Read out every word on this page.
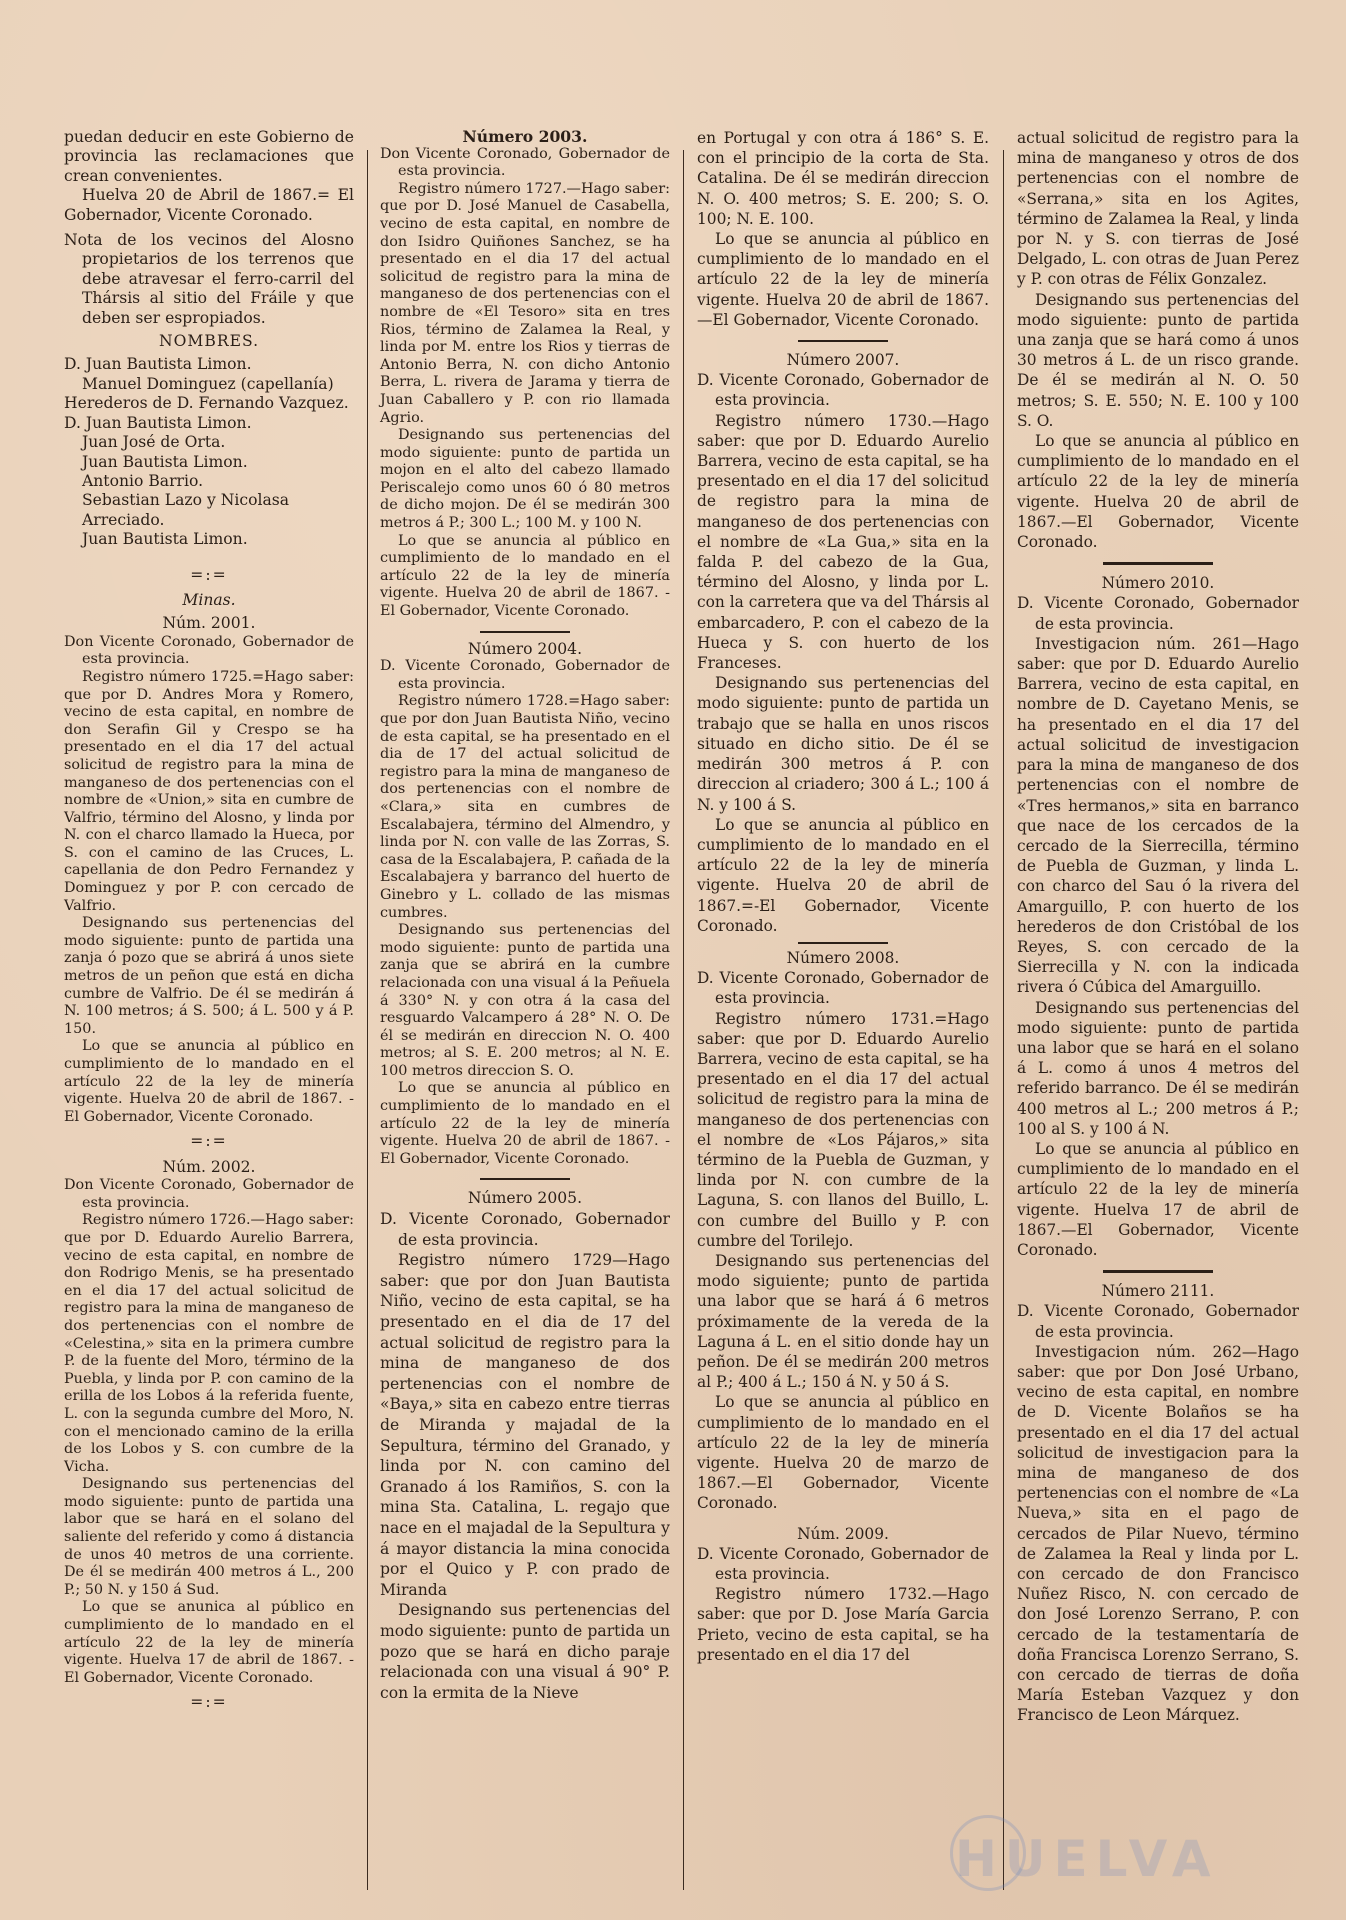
puedan deducir en este Gobierno de provincia las reclamaciones que crean convenientes.

Huelva 20 de Abril de 1867.= El Gobernador, Vicente Coronado.

Nota de los vecinos del Alosno propietarios de los terrenos que debe atravesar el ferro-carril del Thársis al sitio del Fráile y que deben ser espropiados.

NOMBRES.

D. Juan Bautista Limon.

Manuel Dominguez (capellanía)

Herederos de D. Fernando Vazquez.

D. Juan Bautista Limon.

Juan José de Orta.

Juan Bautista Limon.

Antonio Barrio.

Sebastian Lazo y Nicolasa Arreciado.

Juan Bautista Limon.

=:=

Minas.

Núm. 2001.

Don Vicente Coronado, Gobernador de esta provincia.

Registro número 1725.=Hago saber: que por D. Andres Mora y Romero, vecino de esta capital, en nombre de don Serafin Gil y Crespo se ha presentado en el dia 17 del actual solicitud de registro para la mina de manganeso de dos pertenencias con el nombre de «Union,» sita en cumbre de Valfrio, término del Alosno, y linda por N. con el charco llamado la Hueca, por S. con el camino de las Cruces, L. capellania de don Pedro Fernandez y Dominguez y por P. con cercado de Valfrio.

Designando sus pertenencias del modo siguiente: punto de partida una zanja ó pozo que se abrirá á unos siete metros de un peñon que está en dicha cumbre de Valfrio. De él se medirán á N. 100 metros; á S. 500; á L. 500 y á P. 150.

Lo que se anuncia al público en cumplimiento de lo mandado en el artículo 22 de la ley de minería vigente. Huelva 20 de abril de 1867. -El Gobernador, Vicente Coronado.

=:=

Núm. 2002.

Don Vicente Coronado, Gobernador de esta provincia.

Registro número 1726.—Hago saber: que por D. Eduardo Aurelio Barrera, vecino de esta capital, en nombre de don Rodrigo Menis, se ha presentado en el dia 17 del actual solicitud de registro para la mina de manganeso de dos pertenencias con el nombre de «Celestina,» sita en la primera cumbre P. de la fuente del Moro, término de la Puebla, y linda por P. con camino de la erilla de los Lobos á la referida fuente, L. con la segunda cumbre del Moro, N. con el mencionado camino de la erilla de los Lobos y S. con cumbre de la Vicha.

Designando sus pertenencias del modo siguiente: punto de partida una labor que se hará en el solano del saliente del referido y como á distancia de unos 40 metros de una corriente. De él se medirán 400 metros á L., 200 P.; 50 N. y 150 á Sud.

Lo que se anunica al público en cumplimiento de lo mandado en el artículo 22 de la ley de minería vigente. Huelva 17 de abril de 1867. -El Gobernador, Vicente Coronado.

=:=

Número 2003.

Don Vicente Coronado, Gobernador de esta provincia.

Registro número 1727.—Hago saber: que por D. José Manuel de Casabella, vecino de esta capital, en nombre de don Isidro Quiñones Sanchez, se ha presentado en el dia 17 del actual solicitud de registro para la mina de manganeso de dos pertenencias con el nombre de «El Tesoro» sita en tres Rios, término de Zalamea la Real, y linda por M. entre los Rios y tierras de Antonio Berra, N. con dicho Antonio Berra, L. rivera de Jarama y tierra de Juan Caballero y P. con rio llamada Agrio.

Designando sus pertenencias del modo siguiente: punto de partida un mojon en el alto del cabezo llamado Periscalejo como unos 60 ó 80 metros de dicho mojon. De él se medirán 300 metros á P.; 300 L.; 100 M. y 100 N.

Lo que se anuncia al público en cumplimiento de lo mandado en el artículo 22 de la ley de minería vigente. Huelva 20 de abril de 1867. -El Gobernador, Vicente Coronado.

Número 2004.

D. Vicente Coronado, Gobernador de esta provincia.

Registro número 1728.=Hago saber: que por don Juan Bautista Niño, vecino de esta capital, se ha presentado en el dia de 17 del actual solicitud de registro para la mina de manganeso de dos pertenencias con el nombre de «Clara,» sita en cumbres de Escalabajera, término del Almendro, y linda por N. con valle de las Zorras, S. casa de la Escalabajera, P. cañada de la Escalabajera y barranco del huerto de Ginebro y L. collado de las mismas cumbres.

Designando sus pertenencias del modo siguiente: punto de partida una zanja que se abrirá en la cumbre relacionada con una visual á la Peñuela á 330° N. y con otra á la casa del resguardo Valcampero á 28° N. O. De él se medirán en direccion N. O. 400 metros; al S. E. 200 metros; al N. E. 100 metros direccion S. O.

Lo que se anuncia al público en cumplimiento de lo mandado en el artículo 22 de la ley de minería vigente. Huelva 20 de abril de 1867. -El Gobernador, Vicente Coronado.

Número 2005.

D. Vicente Coronado, Gobernador de esta provincia.

Registro número 1729—Hago saber: que por don Juan Bautista Niño, vecino de esta capital, se ha presentado en el dia de 17 del actual solicitud de registro para la mina de manganeso de dos pertenencias con el nombre de «Baya,» sita en cabezo entre tierras de Miranda y majadal de la Sepultura, término del Granado, y linda por N. con camino del Granado á los Ramiños, S. con la mina Sta. Catalina, L. regajo que nace en el majadal de la Sepultura y á mayor distancia la mina conocida por el Quico y P. con prado de Miranda

Designando sus pertenencias del modo siguiente: punto de partida un pozo que se hará en dicho paraje relacionada con una visual á 90° P. con la ermita de la Nieve

en Portugal y con otra á 186° S. E. con el principio de la corta de Sta. Catalina. De él se medirán direccion N. O. 400 metros; S. E. 200; S. O. 100; N. E. 100.

Lo que se anuncia al público en cumplimiento de lo mandado en el artículo 22 de la ley de minería vigente. Huelva 20 de abril de 1867.—El Gobernador, Vicente Coronado.

Número 2007.

D. Vicente Coronado, Gobernador de esta provincia.

Registro número 1730.—Hago saber: que por D. Eduardo Aurelio Barrera, vecino de esta capital, se ha presentado en el dia 17 del solicitud de registro para la mina de manganeso de dos pertenencias con el nombre de «La Gua,» sita en la falda P. del cabezo de la Gua, término del Alosno, y linda por L. con la carretera que va del Thársis al embarcadero, P. con el cabezo de la Hueca y S. con huerto de los Franceses.

Designando sus pertenencias del modo siguiente: punto de partida un trabajo que se halla en unos riscos situado en dicho sitio. De él se medirán 300 metros á P. con direccion al criadero; 300 á L.; 100 á N. y 100 á S.

Lo que se anuncia al público en cumplimiento de lo mandado en el artículo 22 de la ley de minería vigente. Huelva 20 de abril de 1867.=-El Gobernador, Vicente Coronado.

Número 2008.

D. Vicente Coronado, Gobernador de esta provincia.

Registro número 1731.=Hago saber: que por D. Eduardo Aurelio Barrera, vecino de esta capital, se ha presentado en el dia 17 del actual solicitud de registro para la mina de manganeso de dos pertenencias con el nombre de «Los Pájaros,» sita término de la Puebla de Guzman, y linda por N. con cumbre de la Laguna, S. con llanos del Buillo, L. con cumbre del Buillo y P. con cumbre del Torilejo.

Designando sus pertenencias del modo siguiente; punto de partida una labor que se hará á 6 metros próximamente de la vereda de la Laguna á L. en el sitio donde hay un peñon. De él se medirán 200 metros al P.; 400 á L.; 150 á N. y 50 á S.

Lo que se anuncia al público en cumplimiento de lo mandado en el artículo 22 de la ley de minería vigente. Huelva 20 de marzo de 1867.—El Gobernador, Vicente Coronado.

Núm. 2009.

D. Vicente Coronado, Gobernador de esta provincia.

Registro número 1732.—Hago saber: que por D. Jose María Garcia Prieto, vecino de esta capital, se ha presentado en el dia 17 del

actual solicitud de registro para la mina de manganeso y otros de dos pertenencias con el nombre de «Serrana,» sita en los Agites, término de Zalamea la Real, y linda por N. y S. con tierras de José Delgado, L. con otras de Juan Perez y P. con otras de Félix Gonzalez.

Designando sus pertenencias del modo siguiente: punto de partida una zanja que se hará como á unos 30 metros á L. de un risco grande. De él se medirán al N. O. 50 metros; S. E. 550; N. E. 100 y 100 S. O.

Lo que se anuncia al público en cumplimiento de lo mandado en el artículo 22 de la ley de minería vigente. Huelva 20 de abril de 1867.—El Gobernador, Vicente Coronado.

Número 2010.

D. Vicente Coronado, Gobernador de esta provincia.

Investigacion núm. 261—Hago saber: que por D. Eduardo Aurelio Barrera, vecino de esta capital, en nombre de D. Cayetano Menis, se ha presentado en el dia 17 del actual solicitud de investigacion para la mina de manganeso de dos pertenencias con el nombre de «Tres hermanos,» sita en barranco que nace de los cercados de la cercado de la Sierrecilla, término de Puebla de Guzman, y linda L. con charco del Sau ó la rivera del Amarguillo, P. con huerto de los herederos de don Cristóbal de los Reyes, S. con cercado de la Sierrecilla y N. con la indicada rivera ó Cúbica del Amarguillo.

Designando sus pertenencias del modo siguiente: punto de partida una labor que se hará en el solano á L. como á unos 4 metros del referido barranco. De él se medirán 400 metros al L.; 200 metros á P.; 100 al S. y 100 á N.

Lo que se anuncia al público en cumplimiento de lo mandado en el artículo 22 de la ley de minería vigente. Huelva 17 de abril de 1867.—El Gobernador, Vicente Coronado.

Número 2111.

D. Vicente Coronado, Gobernador de esta provincia.

Investigacion núm. 262—Hago saber: que por Don José Urbano, vecino de esta capital, en nombre de D. Vicente Bolaños se ha presentado en el dia 17 del actual solicitud de investigacion para la mina de manganeso de dos pertenencias con el nombre de «La Nueva,» sita en el pago de cercados de Pilar Nuevo, término de Zalamea la Real y linda por L. con cercado de don Francisco Nuñez Risco, N. con cercado de don José Lorenzo Serrano, P. con cercado de la testamentaría de doña Francisca Lorenzo Serrano, S. con cercado de tierras de doña María Esteban Vazquez y don Francisco de Leon Márquez.

HUELVA
